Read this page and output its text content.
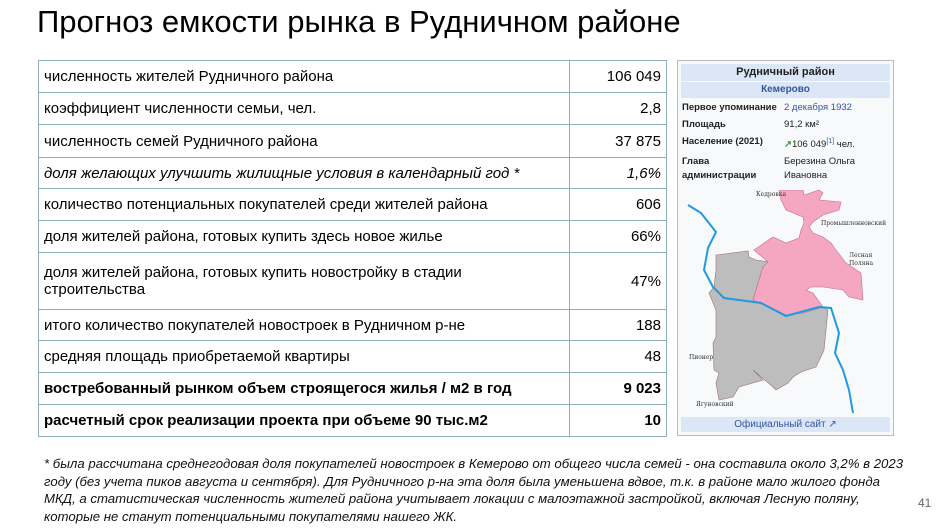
Прогноз емкости рынка в Рудничном районе
численность жителей Рудничного района	106 049
коэффициент численности семьи, чел.	2,8
численность семей Рудничного района	37 875
доля желающих улучшить жилищные условия в календарный год *	1,6%
количество потенциальных покупателей среди жителей района	606
доля жителей района, готовых купить здесь новое жилье	66%
доля жителей района, готовых купить новостройку в стадии строительства	47%
итого количество покупателей новостроек в Рудничном р-не	188
средняя площадь приобретаемой квартиры	48
востребованный рынком объем строящегося жилья / м2 в год	9 023
расчетный срок реализации проекта при объеме 90 тыс.м2	10
Рудничный район
Кемерово
Первое упоминание 2 декабря 1932
Площадь	91,2 км²
Население (2021)	↗106 049[1] чел.
Глава администрации
Березина Ольга Ивановна
Кедровка
Промышленновский
Лесная Поляна
Пионер
Ягуновский
Официальный сайт ↗
* была рассчитана среднегодовая доля покупателей новостроек в Кемерово от общего числа семей - она составила около 3,2% в 2023 году (без учета пиков августа и сентября). Для Рудничного р-на эта доля была уменьшена вдвое, т.к. в районе мало жилого фонда МКД, а статистическая численность жителей района учитывает локации с малоэтажной застройкой, включая Лесную поляну, которые не станут потенциальными покупателями нашего ЖК.
41
